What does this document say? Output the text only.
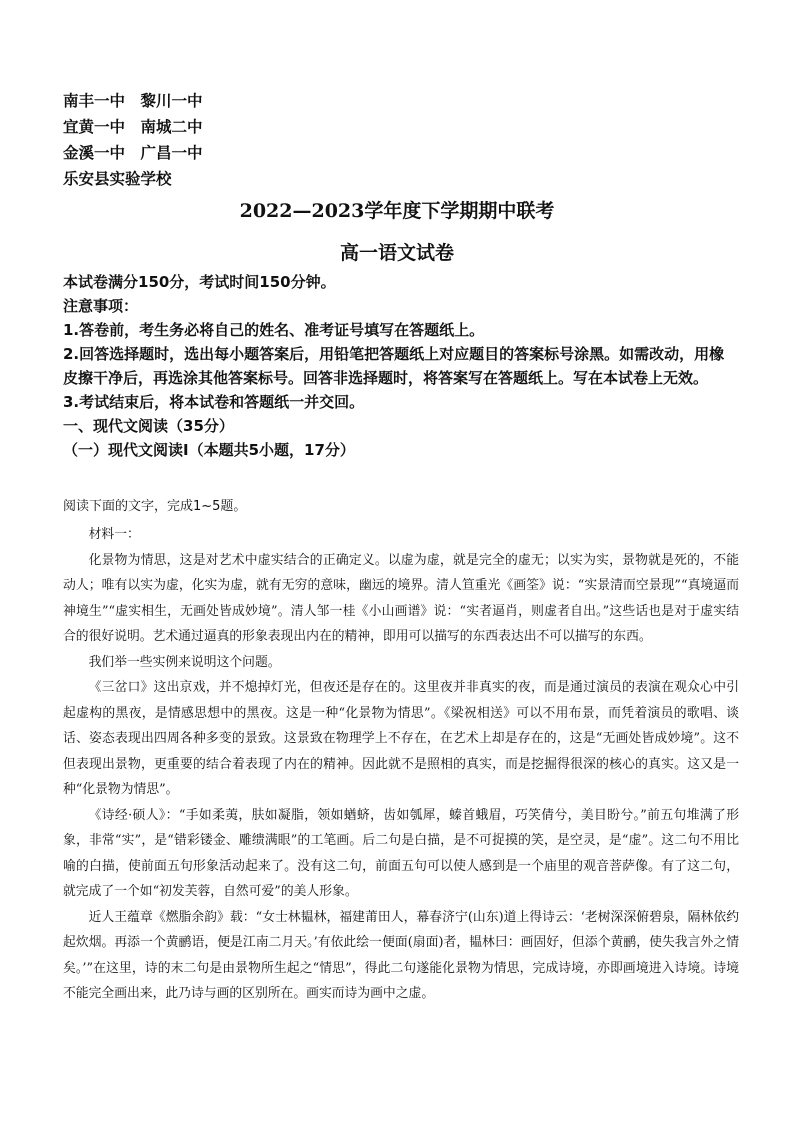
南丰一中　黎川一中
宜黄一中　南城二中
金溪一中　广昌一中
乐安县实验学校
2022—2023学年度下学期期中联考
高一语文试卷
本试卷满分150分，考试时间150分钟。
注意事项：
1.答卷前，考生务必将自己的姓名、准考证号填写在答题纸上。
2.回答选择题时，选出每小题答案后，用铅笔把答题纸上对应题目的答案标号涂黑。如需改动，用橡皮擦干净后，再选涂其他答案标号。回答非选择题时，将答案写在答题纸上。写在本试卷上无效。
3.考试结束后，将本试卷和答题纸一并交回。
一、现代文阅读（35分）
（一）现代文阅读Ⅰ（本题共5小题，17分）
阅读下面的文字，完成1~5题。

材料一：

化景物为情思，这是对艺术中虚实结合的正确定义。以虚为虚，就是完全的虚无；以实为实，景物就是死的，不能动人；唯有以实为虚，化实为虚，就有无穷的意味，幽远的境界。清人笪重光《画筌》说：“实景清而空景现”“真境逼而神境生”“虚实相生，无画处皆成妙境”。清人邹一桂《小山画谱》说：“实者逼肖，则虚者自出。”这些话也是对于虚实结合的很好说明。艺术通过逼真的形象表现出内在的精神，即用可以描写的东西表达出不可以描写的东西。

我们举一些实例来说明这个问题。

《三岔口》这出京戏，并不熄掉灯光，但夜还是存在的。这里夜并非真实的夜，而是通过演员的表演在观众心中引起虚构的黑夜，是情感思想中的黑夜。这是一种“化景物为情思”。《梁祝相送》可以不用布景，而凭着演员的歌唱、谈话、姿态表现出四周各种多变的景致。这景致在物理学上不存在，在艺术上却是存在的，这是“无画处皆成妙境”。这不但表现出景物，更重要的结合着表现了内在的精神。因此就不是照相的真实，而是挖掘得很深的核心的真实。这又是一种“化景物为情思”。

《诗经·硕人》：“手如柔荑，肤如凝脂，领如蝤蛴，齿如瓠犀，螓首蛾眉，巧笑倩兮，美目盼兮。”前五句堆满了形象，非常“实”，是“错彩镂金、雕缋满眼”的工笔画。后二句是白描，是不可捉摸的笑，是空灵，是“虚”。这二句不用比喻的白描，使前面五句形象活动起来了。没有这二句，前面五句可以使人感到是一个庙里的观音菩萨像。有了这二句，就完成了一个如“初发芙蓉，自然可爱”的美人形象。

近人王蕴章《燃脂余韵》载：“女士林韫林，福建莆田人，幕春济宁(山东)道上得诗云：‘老树深深俯碧泉，隔林依约起炊烟。再添一个黄鹂语，便是江南二月天。’有依此绘一便面(扇面)者，韫林曰：画固好，但添个黄鹂，使失我言外之情矣。’”在这里，诗的末二句是由景物所生起之“情思”，得此二句遂能化景物为情思，完成诗境，亦即画境进入诗境。诗境不能完全画出来，此乃诗与画的区别所在。画实而诗为画中之虚。
